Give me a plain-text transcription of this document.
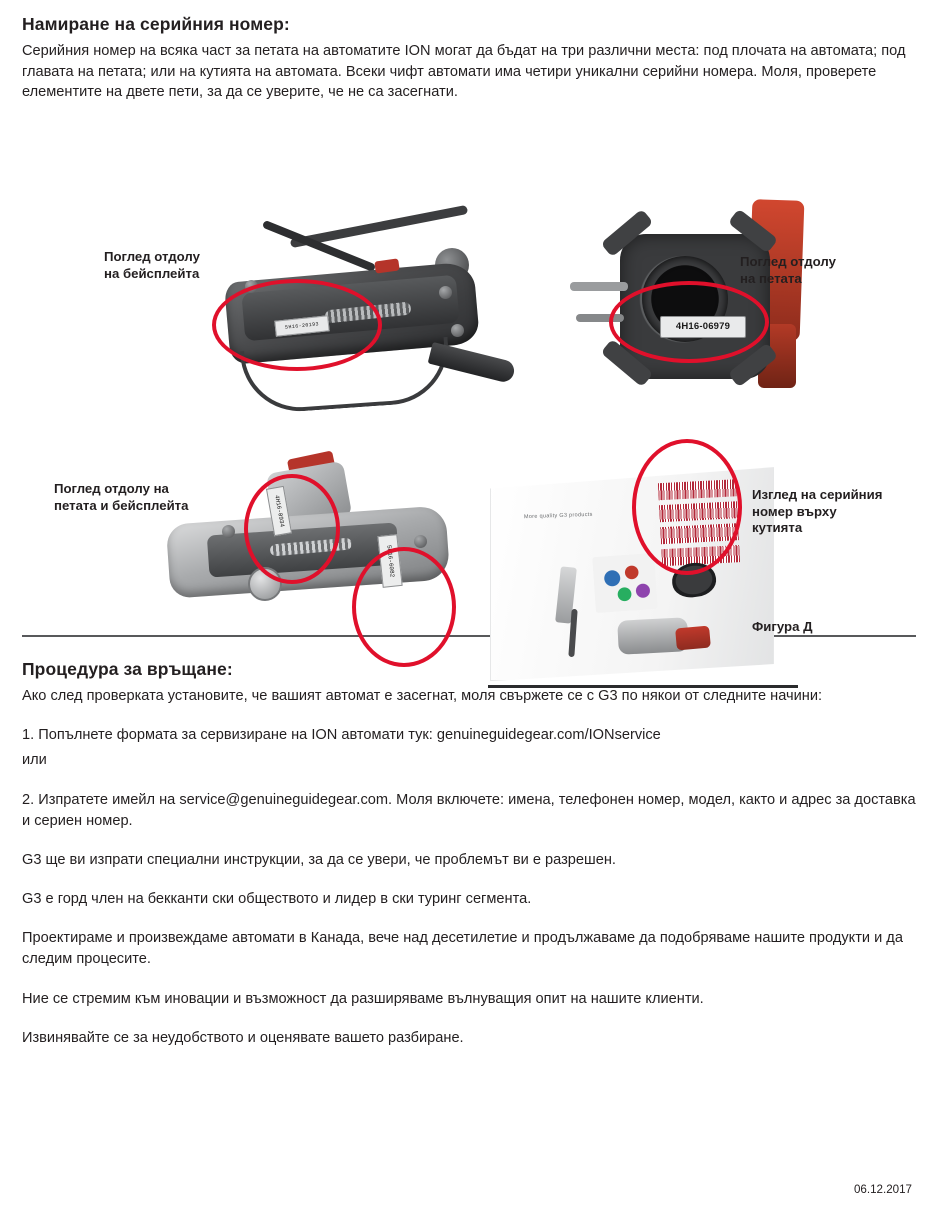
Намиране на серийния номер:

Серийния номер на всяка част за петата на автоматите ION могат да бъдат на три различни места: под плочата на автомата; под главата на петата; или на кутията на автомата. Всеки чифт автомати има четири уникални серийни номера. Моля, проверете елементите на двете пети, за да се уверите, че не са засегнати.

5H16-20193	4H16-06979
4H16-0934
5H16-6082
More quality G3 products
Поглед отдолу
на бейсплейта
Поглед отдолу
на петата
Поглед отдолу на
петата и бейсплейта
Изглед на серийния
номер върху
кутията
Фигура Д
Процедура за връщане:

Ако след проверката установите, че вашият автомат е засегнат, моля свържете се с G3 по някои от следните начини:

1. Попълнете формата за сервизиране на ION автомати тук: genuineguidegear.com/IONservice

или

2. Изпратете имейл на service@genuineguidegear.com. Моля включете: имена, телефонен номер, модел, както и адрес за доставка и сериен номер.

G3 ще ви изпрати специални инструкции, за да се увери, че проблемът ви е разрешен.

G3 е горд член на бекканти ски обществото и лидер в ски туринг сегмента.

Проектираме и произвеждаме автомати в Канада, вече над десетилетие и продължаваме да подобряваме нашите продукти и да следим процесите.

Ние се стремим към иновации и възможност да разширяваме вълнуващия опит на нашите клиенти.

Извинявайте се за неудобството и оценявате вашето разбиране.

06.12.2017
